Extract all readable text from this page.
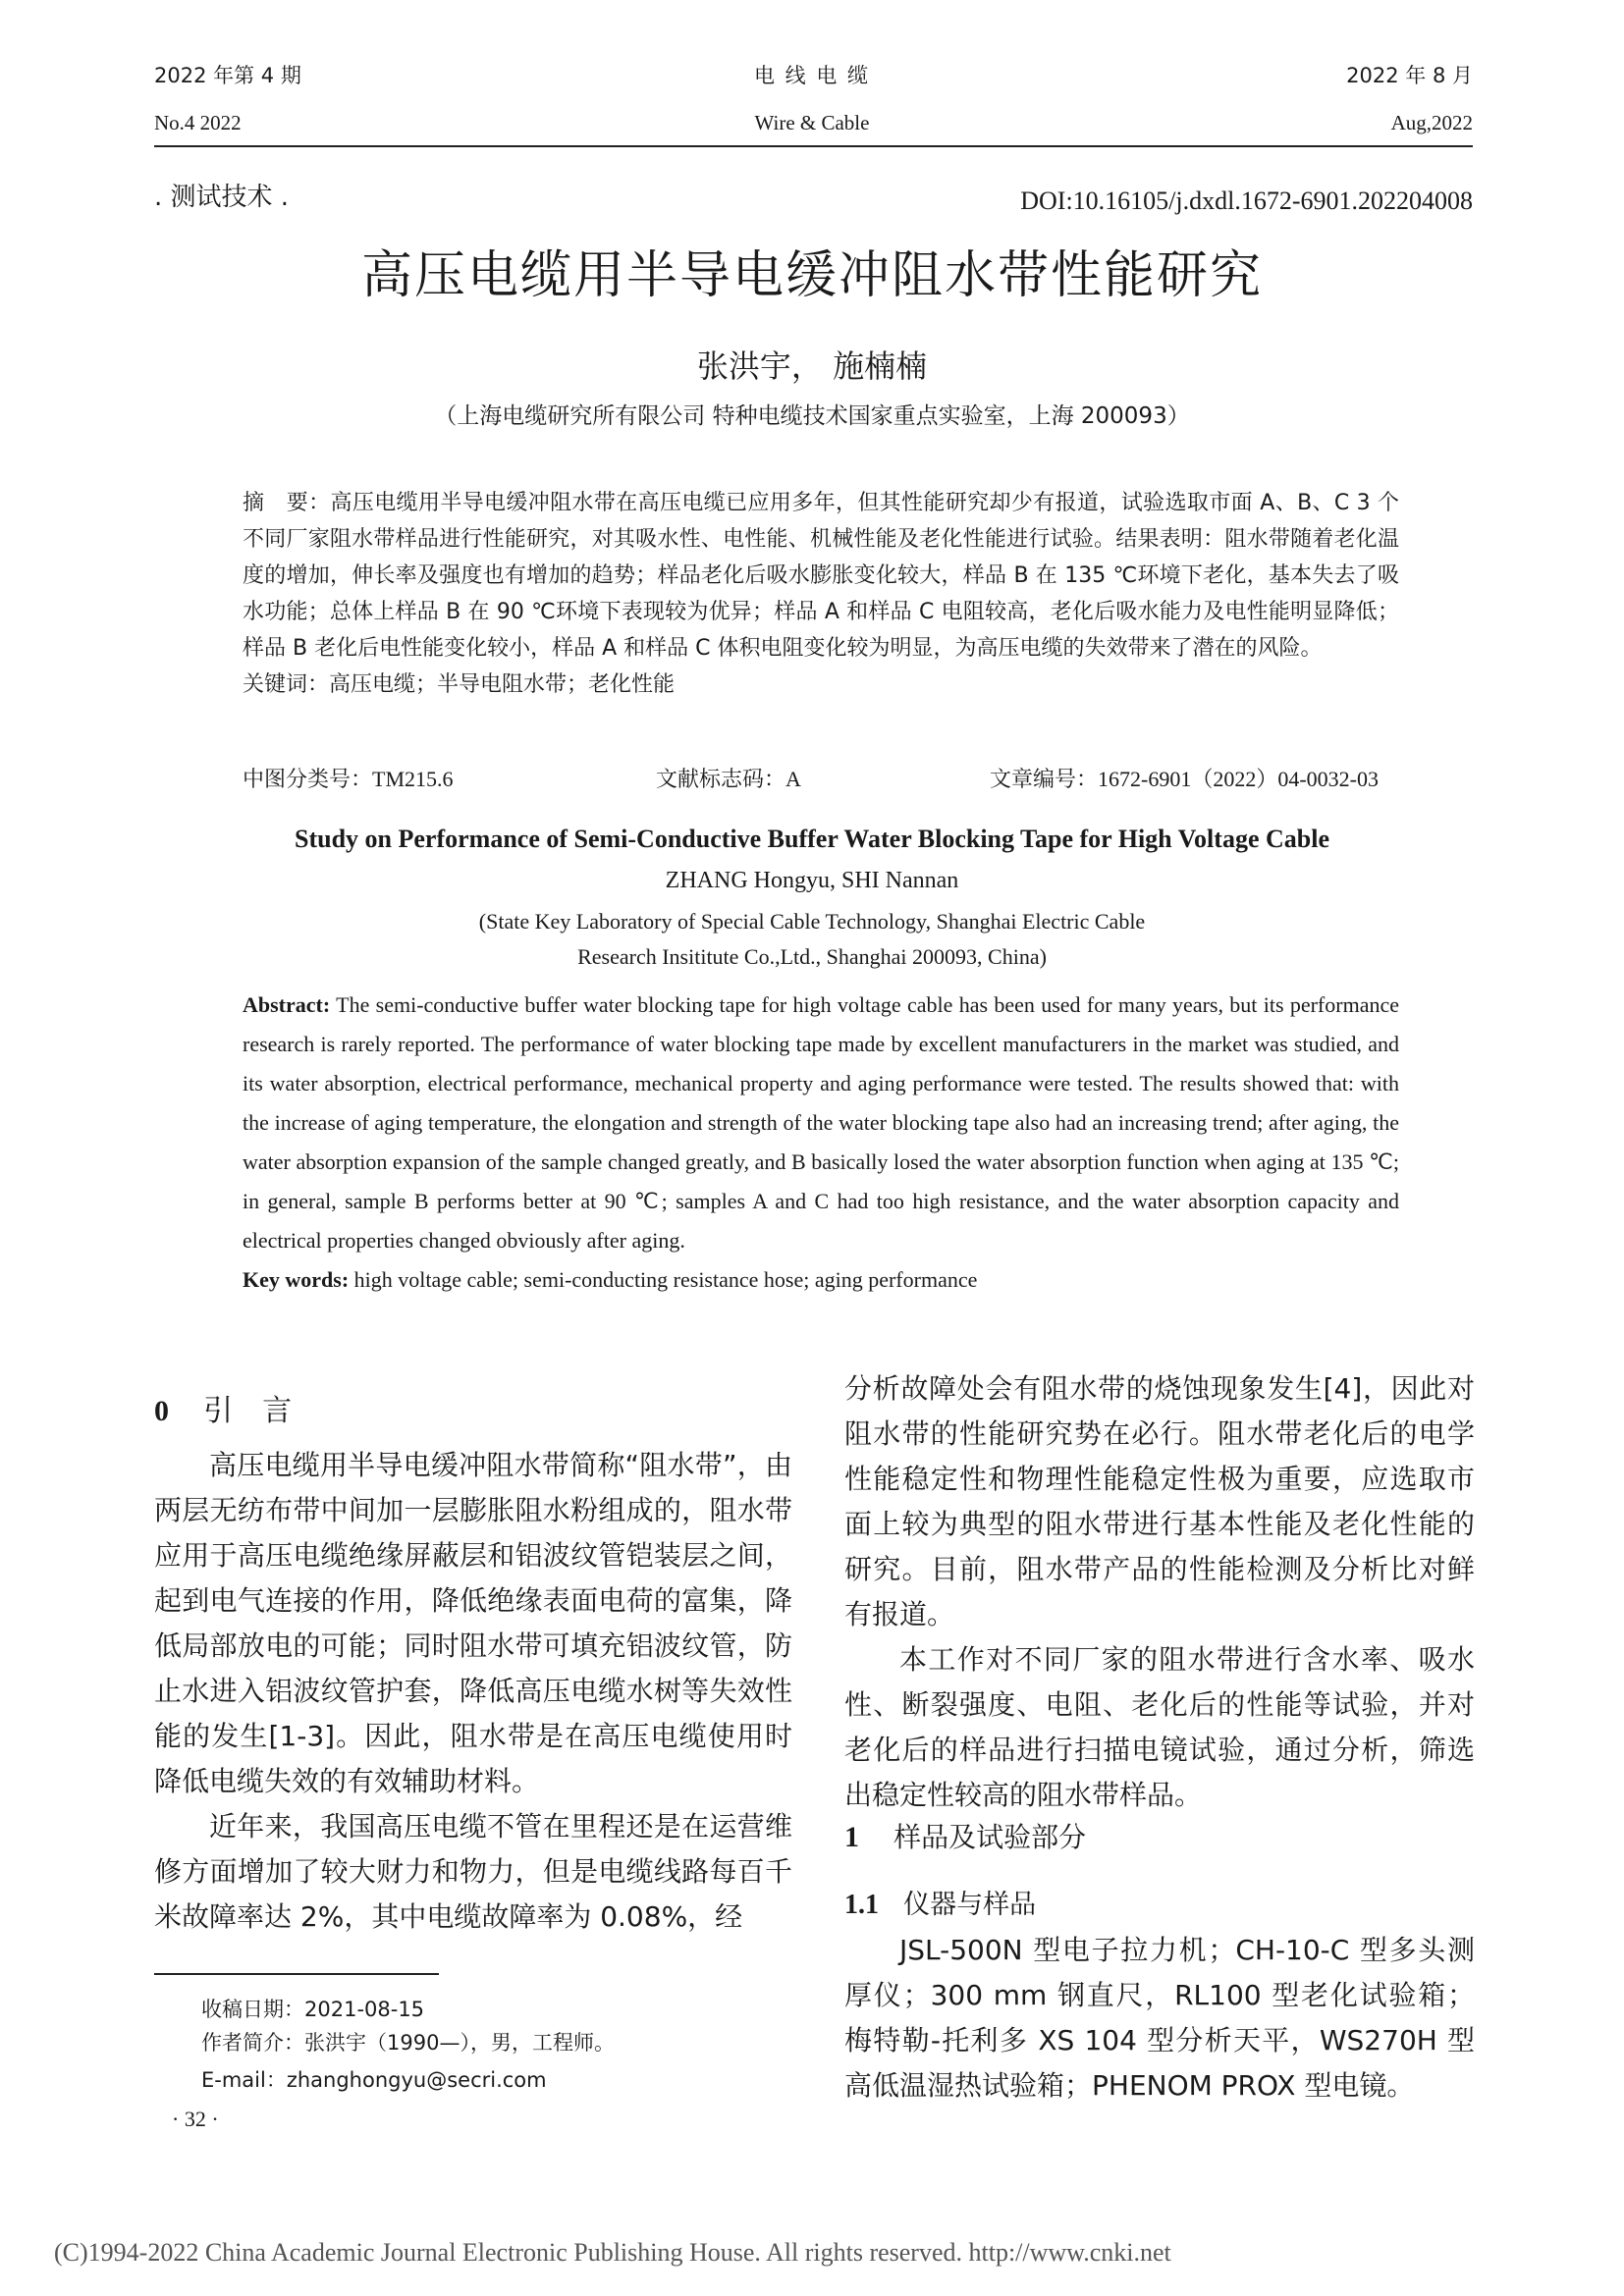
2022 年第 4 期
No.4 2022
电 线 电 缆
Wire & Cable
2022 年 8 月
Aug,2022
. 测试技术 .	DOI:10.16105/j.dxdl.1672-6901.202204008
高压电缆用半导电缓冲阻水带性能研究
张洪宇， 施楠楠
（上海电缆研究所有限公司 特种电缆技术国家重点实验室，上海 200093）

摘　要：高压电缆用半导电缓冲阻水带在高压电缆已应用多年，但其性能研究却少有报道，试验选取市面 A、B、C 3 个不同厂家阻水带样品进行性能研究，对其吸水性、电性能、机械性能及老化性能进行试验。结果表明：阻水带随着老化温度的增加，伸长率及强度也有增加的趋势；样品老化后吸水膨胀变化较大，样品 B 在 135 ℃环境下老化，基本失去了吸水功能；总体上样品 B 在 90 ℃环境下表现较为优异；样品 A 和样品 C 电阻较高，老化后吸水能力及电性能明显降低；样品 B 老化后电性能变化较小，样品 A 和样品 C 体积电阻变化较为明显，为高压电缆的失效带来了潜在的风险。

关键词：高压电缆；半导电阻水带；老化性能

中图分类号：TM215.6	文献标志码：A	文章编号：1672-6901（2022）04-0032-03
Study on Performance of Semi-Conductive Buffer Water Blocking Tape for High Voltage Cable
ZHANG Hongyu, SHI Nannan
(State Key Laboratory of Special Cable Technology, Shanghai Electric Cable
Research Insititute Co.,Ltd., Shanghai 200093, China)

Abstract: The semi-conductive buffer water blocking tape for high voltage cable has been used for many years, but its performance research is rarely reported. The performance of water blocking tape made by excellent manufacturers in the market was studied, and its water absorption, electrical performance, mechanical property and aging performance were tested. The results showed that: with the increase of aging temperature, the elongation and strength of the water blocking tape also had an increasing trend; after aging, the water absorption expansion of the sample changed greatly, and B basically losed the water absorption function when aging at 135 ℃; in general, sample B performs better at 90 ℃; samples A and C had too high resistance, and the water absorption capacity and electrical properties changed obviously after aging.

Key words: high voltage cable; semi-conducting resistance hose; aging performance

0 引　言

高压电缆用半导电缓冲阻水带简称“阻水带”，由两层无纺布带中间加一层膨胀阻水粉组成的，阻水带应用于高压电缆绝缘屏蔽层和铝波纹管铠装层之间，起到电气连接的作用，降低绝缘表面电荷的富集，降低局部放电的可能；同时阻水带可填充铝波纹管，防止水进入铝波纹管护套，降低高压电缆水树等失效性能的发生[1-3]。因此，阻水带是在高压电缆使用时降低电缆失效的有效辅助材料。

近年来，我国高压电缆不管在里程还是在运营维修方面增加了较大财力和物力，但是电缆线路每百千米故障率达 2%，其中电缆故障率为 0.08%，经

收稿日期：2021-08-15

作者简介：张洪宇（1990—），男，工程师。

E-mail：zhanghongyu@secri.com

· 32 ·

分析故障处会有阻水带的烧蚀现象发生[4]，因此对阻水带的性能研究势在必行。阻水带老化后的电学性能稳定性和物理性能稳定性极为重要，应选取市面上较为典型的阻水带进行基本性能及老化性能的研究。目前，阻水带产品的性能检测及分析比对鲜有报道。

本工作对不同厂家的阻水带进行含水率、吸水性、断裂强度、电阻、老化后的性能等试验，并对老化后的样品进行扫描电镜试验，通过分析，筛选出稳定性较高的阻水带样品。

1 样品及试验部分
1.1 仪器与样品

JSL-500N 型电子拉力机；CH-10-C 型多头测厚仪；300 mm 钢直尺，RL100 型老化试验箱；梅特勒-托利多 XS 104 型分析天平，WS270H 型高低温湿热试验箱；PHENOM PROX 型电镜。

(C)1994-2022 China Academic Journal Electronic Publishing House. All rights reserved. http://www.cnki.net
